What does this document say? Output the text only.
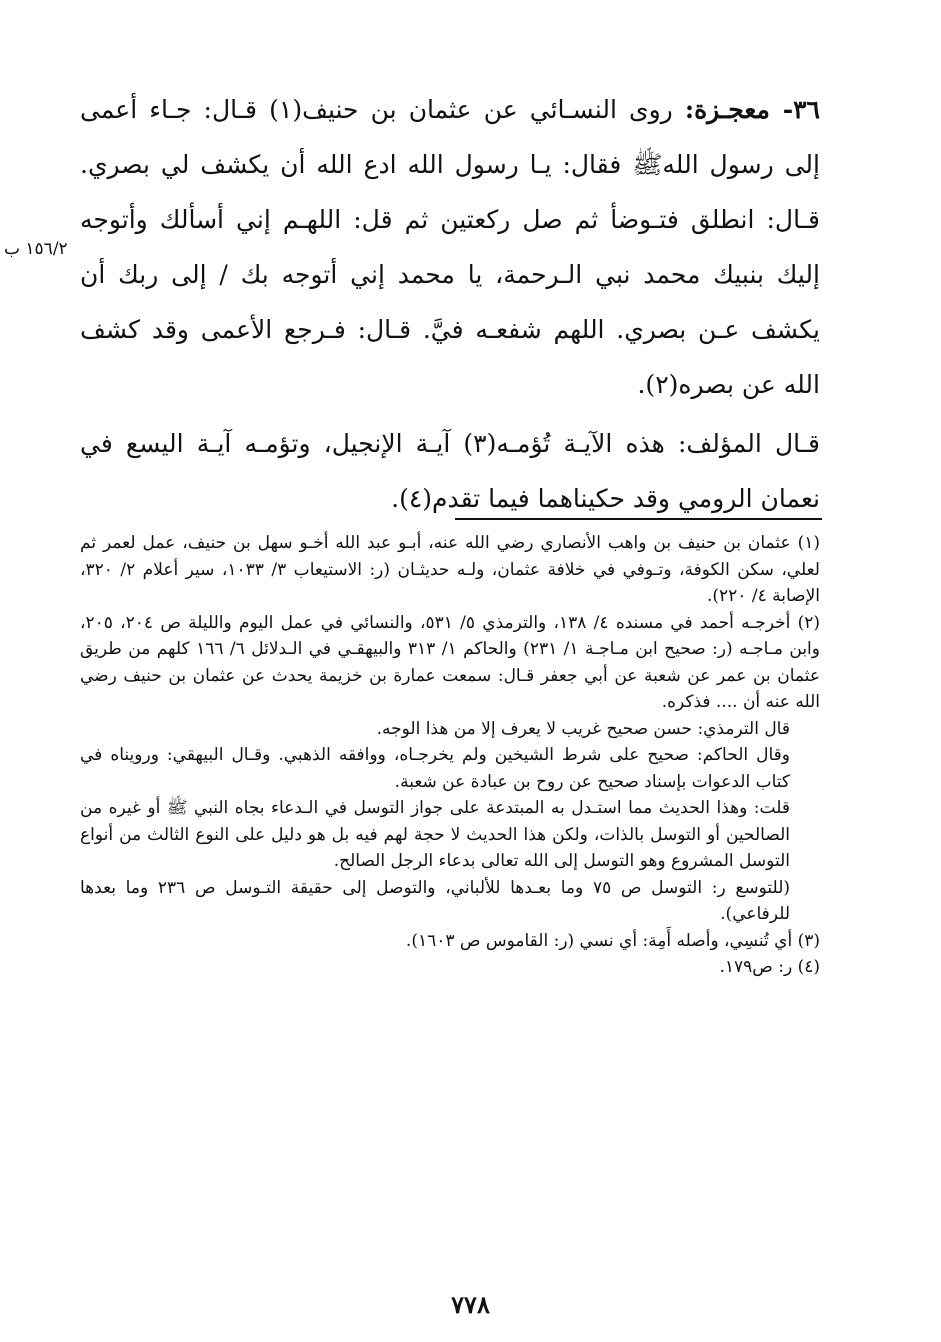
٣٦- معجـزة: روى النسـائي عن عثمان بن حنيف(١) قـال: جـاء أعمى إلى رسول اللهﷺ فقال: يـا رسول الله ادع الله أن يكشف لي بصري. قـال: انطلق فتـوضأ ثم صل ركعتين ثم قل: اللهـم إني أسألك وأتوجه إليك بنبيك محمد نبي الـرحمة، يا محمد إني أتوجه بك / إلى ربك أن يكشف عـن بصري. اللهم شفعـه فيَّ. قـال: فـرجع الأعمى وقد كشف الله عن بصره(٢).

قـال المؤلف: هذه الآيـة تُؤمـه(٣) آيـة الإنجيل، وتؤمـه آيـة اليسع في نعمان الرومي وقد حكيناهما فيما تقدم(٤).

١٥٦/٢ ب

(١) عثمان بن حنيف بن واهب الأنصاري رضي الله عنه، أبـو عبد الله أخـو سهل بن حنيف، عمل لعمر ثم لعلي، سكن الكوفة، وتـوفي في خلافة عثمان، ولـه حديثـان (ر: الاستيعاب ٣/ ١٠٣٣، سير أعلام ٢/ ٣٢٠، الإصابة ٤/ ٢٢٠).

(٢) أخرجـه أحمد في مسنده ٤/ ١٣٨، والترمذي ٥/ ٥٣١، والنسائي في عمل اليوم والليلة ص ٢٠٤، ٢٠٥، وابن مـاجـه (ر: صحيح ابن مـاجـة ١/ ٢٣١) والحاكم ١/ ٣١٣ والبيهقـي في الـدلائل ٦/ ١٦٦ كلهم من طريق عثمان بن عمر عن شعبة عن أبي جعفر قـال: سمعت عمارة بن خزيمة يحدث عن عثمان بن حنيف رضي الله عنه أن .... فذكره.

قال الترمذي: حسن صحيح غريب لا يعرف إلا من هذا الوجه.

وقال الحاكم: صحيح على شرط الشيخين ولم يخرجـاه، ووافقه الذهبي. وقـال البيهقي: ورويناه في كتاب الدعوات بإسناد صحيح عن روح بن عبادة عن شعبة.

قلت: وهذا الحديث مما استـدل به المبتدعة على جواز التوسل في الـدعاء بجاه النبي ﷺ أو غيره من الصالحين أو التوسل بالذات، ولكن هذا الحديث لا حجة لهم فيه بل هو دليل على النوع الثالث من أنواع التوسل المشروع وهو التوسل إلى الله تعالى بدعاء الرجل الصالح.

(للتوسع ر: التوسل ص ٧٥ وما بعـدها للألباني، والتوصل إلى حقيقة التـوسل ص ٢٣٦ وما بعدها للرفاعي).

(٣) أي تُنسِي، وأصله أَمِة: أي نسي (ر: القاموس ص ١٦٠٣).

(٤) ر: ص١٧٩.

٧٧٨
